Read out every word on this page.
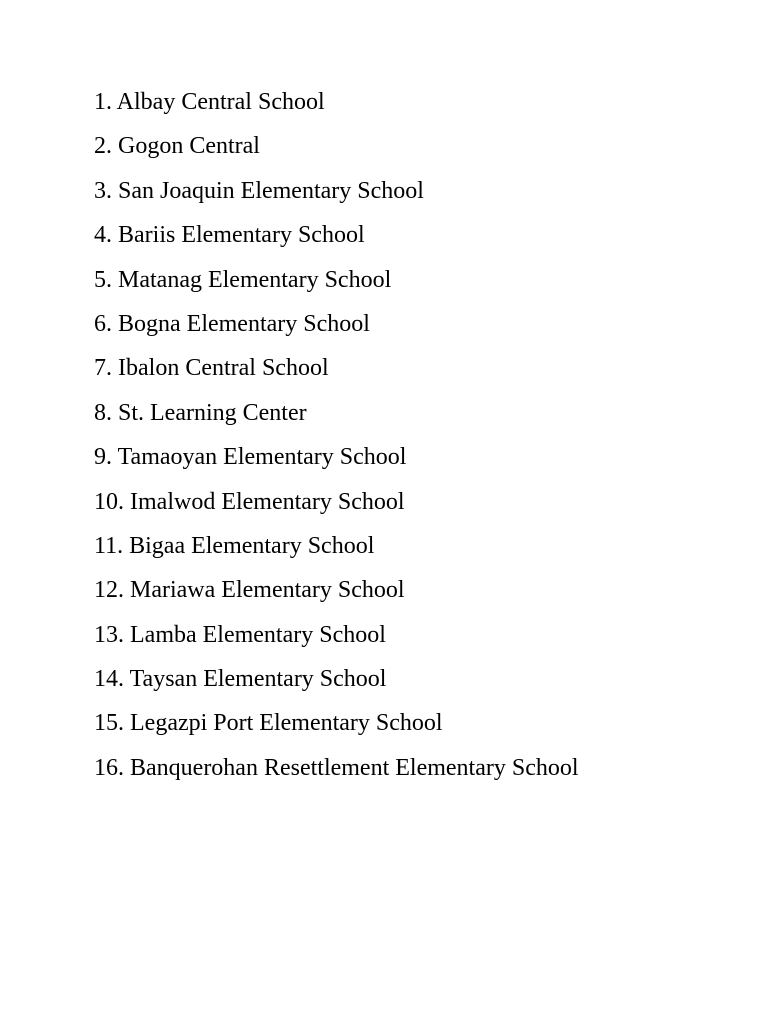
1. Albay Central School
2. Gogon Central
3. San Joaquin Elementary School
4. Bariis Elementary School
5. Matanag Elementary School
6. Bogna Elementary School
7. Ibalon Central School
8. St. Learning Center
9. Tamaoyan Elementary School
10. Imalwod Elementary School
11. Bigaa Elementary School
12. Mariawa Elementary School
13. Lamba Elementary School
14. Taysan Elementary School
15. Legazpi Port Elementary School
16. Banquerohan Resettlement Elementary School
